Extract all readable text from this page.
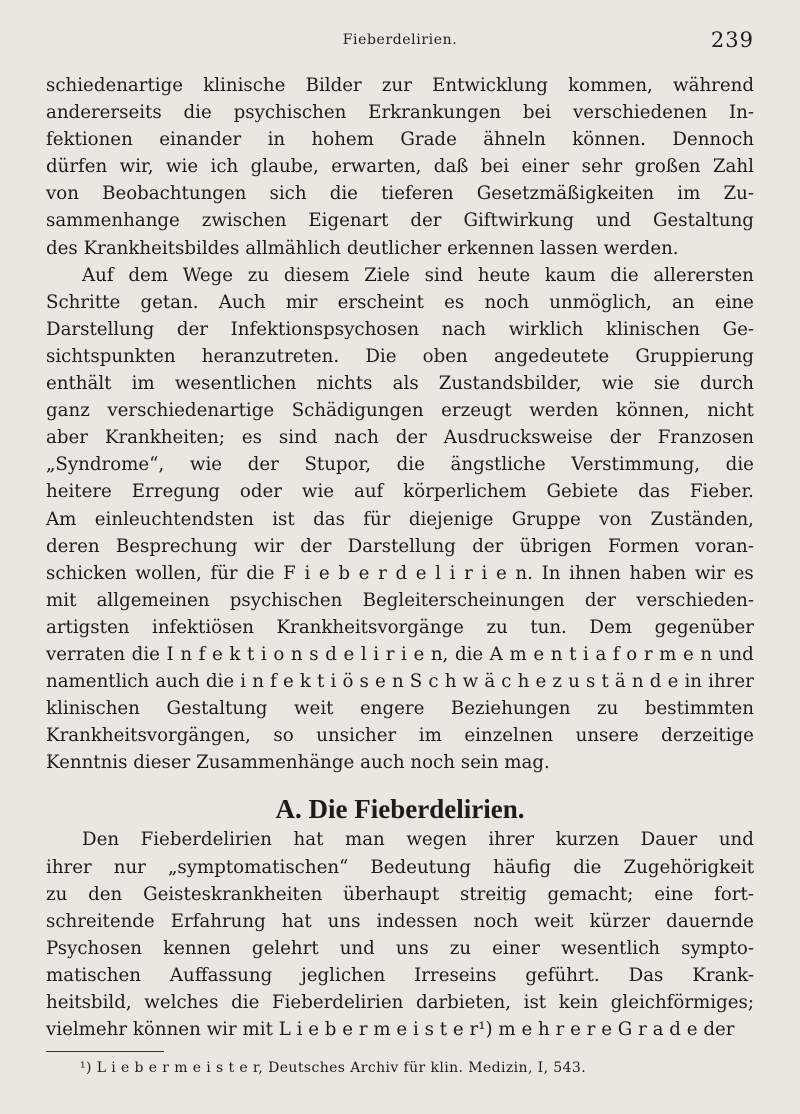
Fieberdelirien.	239
schiedenartige klinische Bilder zur Entwicklung kommen, während
andererseits die psychischen Erkrankungen bei verschiedenen In-
fektionen einander in hohem Grade ähneln können. Dennoch
dürfen wir, wie ich glaube, erwarten, daß bei einer sehr großen Zahl
von Beobachtungen sich die tieferen Gesetzmäßigkeiten im Zu-
sammenhange zwischen Eigenart der Giftwirkung und Gestaltung
des Krankheitsbildes allmählich deutlicher erkennen lassen werden.
Auf dem Wege zu diesem Ziele sind heute kaum die allerersten
Schritte getan. Auch mir erscheint es noch unmöglich, an eine
Darstellung der Infektionspsychosen nach wirklich klinischen Ge-
sichtspunkten heranzutreten. Die oben angedeutete Gruppierung
enthält im wesentlichen nichts als Zustandsbilder, wie sie durch
ganz verschiedenartige Schädigungen erzeugt werden können, nicht
aber Krankheiten; es sind nach der Ausdrucksweise der Franzosen
„Syndrome“, wie der Stupor, die ängstliche Verstimmung, die
heitere Erregung oder wie auf körperlichem Gebiete das Fieber.
Am einleuchtendsten ist das für diejenige Gruppe von Zuständen,
deren Besprechung wir der Darstellung der übrigen Formen voran-
schicken wollen, für die F i e b e r d e l i r i e n. In ihnen haben wir es
mit allgemeinen psychischen Begleiterscheinungen der verschieden-
artigsten infektiösen Krankheitsvorgänge zu tun. Dem gegenüber
verraten die I n f e k t i o n s d e l i r i e n, die A m e n t i a f o r m e n und
namentlich auch die i n f e k t i ö s e n S c h w ä c h e z u s t ä n d e in ihrer
klinischen Gestaltung weit engere Beziehungen zu bestimmten
Krankheitsvorgängen, so unsicher im einzelnen unsere derzeitige
Kenntnis dieser Zusammenhänge auch noch sein mag.
A. Die Fieberdelirien.
Den Fieberdelirien hat man wegen ihrer kurzen Dauer und
ihrer nur „symptomatischen“ Bedeutung häufig die Zugehörigkeit
zu den Geisteskrankheiten überhaupt streitig gemacht; eine fort-
schreitende Erfahrung hat uns indessen noch weit kürzer dauernde
Psychosen kennen gelehrt und uns zu einer wesentlich sympto-
matischen Auffassung jeglichen Irreseins geführt. Das Krank-
heitsbild, welches die Fieberdelirien darbieten, ist kein gleichförmiges;
vielmehr können wir mit L i e b e r m e i s t e r¹) m e h r e r e G r a d e der
¹) L i e b e r m e i s t e r, Deutsches Archiv für klin. Medizin, I, 543.
